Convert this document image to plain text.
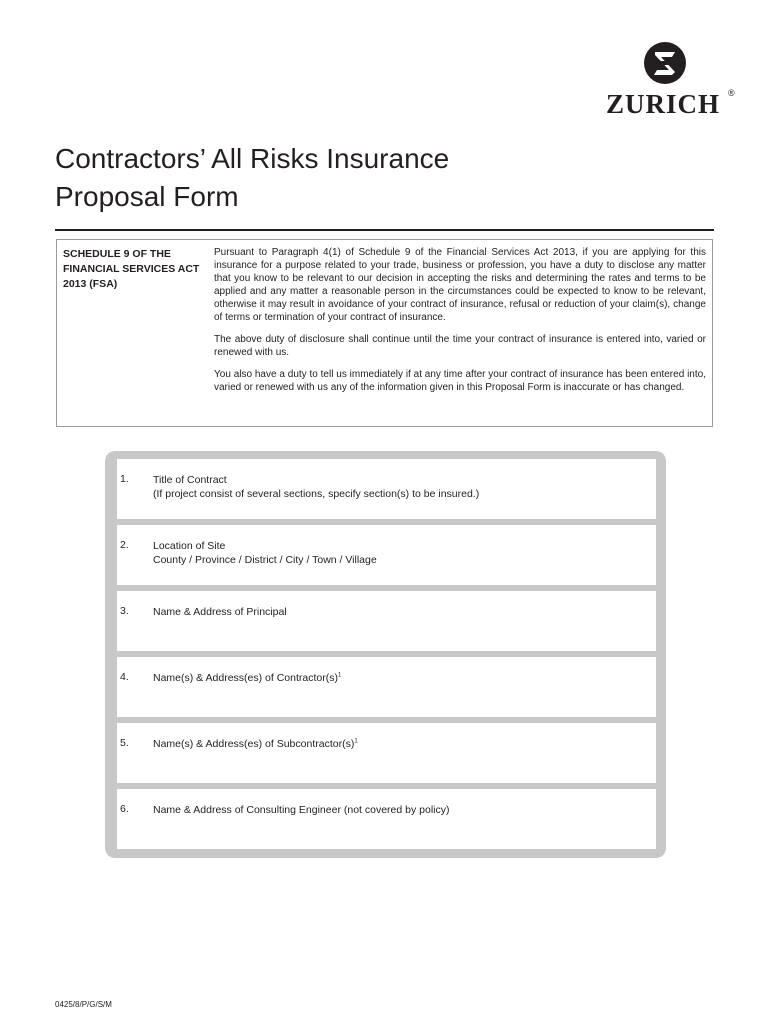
ZURICH ®
Contractors’ All Risks Insurance
Proposal Form
SCHEDULE 9 OF THE FINANCIAL SERVICES ACT 2013 (FSA)

Pursuant to Paragraph 4(1) of Schedule 9 of the Financial Services Act 2013, if you are applying for this insurance for a purpose related to your trade, business or profession, you have a duty to disclose any matter that you know to be relevant to our decision in accepting the risks and determining the rates and terms to be applied and any matter a reasonable person in the circumstances could be expected to know to be relevant, otherwise it may result in avoidance of your contract of insurance, refusal or reduction of your claim(s), change of terms or termination of your contract of insurance.

The above duty of disclosure shall continue until the time your contract of insurance is entered into, varied or renewed with us.

You also have a duty to tell us immediately if at any time after your contract of insurance has been entered into, varied or renewed with us any of the information given in this Proposal Form is inaccurate or has changed.

1. Title of Contract
(If project consist of several sections, specify section(s) to be insured.)
2. Location of Site
County / Province / District / City / Town / Village
3. Name & Address of Principal
4. Name(s) & Address(es) of $Contractor(s)^1$
5. Name(s) & Address(es) of $Subcontractor(s)^1$
6. Name & Address of Consulting Engineer (not covered by policy)
0425/8/P/G/S/M
